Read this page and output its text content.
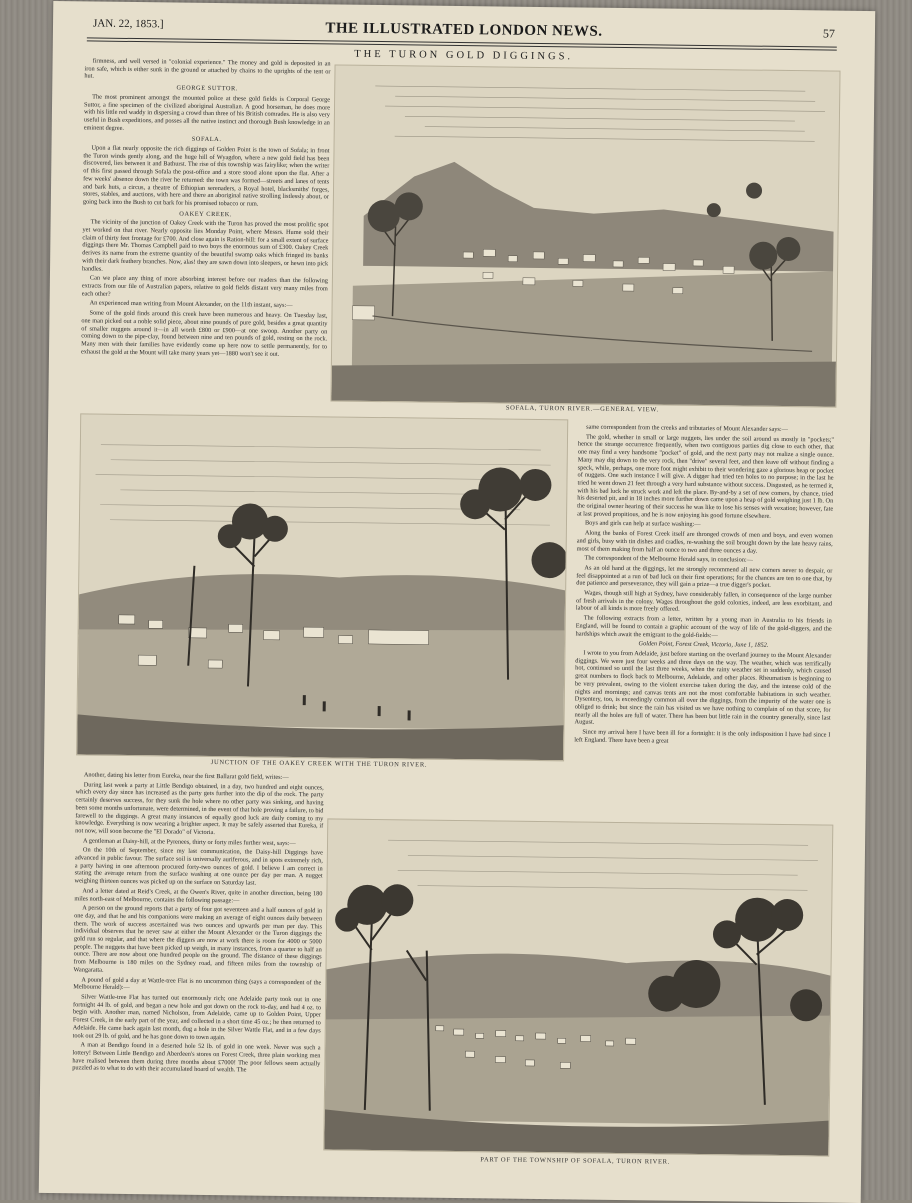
JAN. 22, 1853.]	THE ILLUSTRATED LONDON NEWS.	57
THE TURON GOLD DIGGINGS.

firmness, and well versed in "colonial experience." The money and gold is deposited in an iron safe, which is either sunk in the ground or attached by chains to the uprights of the tent or hut.

GEORGE SUTTOR.

The most prominent amongst the mounted police at these gold fields is Corporal George Suttor, a fine specimen of the civilized aboriginal Australian. A good horseman, he does more with his little red waddy in dispersing a crowd than three of his British comrades. He is also very useful in Bush expeditions, and posses all the native instinct and thorough Bush knowledge in an eminent degree.

SOFALA.

Upon a flat nearly opposite the rich diggings of Golden Point is the town of Sofala; in front the Turon winds gently along, and the huge hill of Wyagdon, where a new gold field has been discovered, lies between it and Bathurst. The rise of this township was fairylike; when the writer of this first passed through Sofala the post-office and a store stood alone upon the flat. After a few weeks' absence down the river he returned: the town was formed—streets and lanes of tents and bark huts, a circus, a theatre of Ethiopian serenaders, a Royal hotel, blacksmiths' forges, stores, stables, and auctions, with here and there an aboriginal native strolling listlessly about, or going back into the Bush to cut bark for his promised tobacco or rum.

OAKEY CREEK.

The vicinity of the junction of Oakey Creek with the Turon has proved the most prolific spot yet worked on that river. Nearly opposite lies Monday Point, where Messrs. Hume sold their claim of thirty feet frontage for £700. And close again is Ration-hill: for a small extent of surface diggings there Mr. Thomas Campbell paid to two boys the enormous sum of £300. Oakey Creek derives its name from the extreme quantity of the beautiful swamp oaks which fringed its banks with their dark feathery branches. Now, alas! they are sawn down into sleepers, or hewn into pick handles.

Can we place any thing of more absorbing interest before our readers than the following extracts from our file of Australian papers, relative to gold fields distant very many miles from each other?

An experienced man writing from Mount Alexander, on the 11th instant, says:—

Some of the gold finds around this creek have been numerous and heavy. On Tuesday last, one man picked out a noble solid piece, about nine pounds of pure gold, besides a great quantity of smaller nuggets around it—in all worth £800 or £900—at one swoop. Another party on coming down to the pipe-clay, found between nine and ten pounds of gold, resting on the rock. Many men with their families have evidently come up here now to settle permanently, for to exhaust the gold at the Mount will take many years yet—1880 won't see it out.

SOFALA, TURON RIVER.—GENERAL VIEW.
JUNCTION OF THE OAKEY CREEK WITH THE TURON RIVER.

same correspondent from the creeks and tributaries of Mount Alexander says:—

The gold, whether in small or large nuggets, lies under the soil around us mostly in "pockets;" hence the strange occurrence frequently, when two contiguous parties dig close to each other, that one may find a very handsome "pocket" of gold, and the next party may not realize a single ounce. Many may dig down to the very rock, then "drive" several feet, and then leave off without finding a speck, while, perhaps, one more foot might exhibit to their wondering gaze a glorious heap or pocket of nuggets. One such instance I will give. A digger had tried ten holes to no purpose; in the last he tried he went down 21 feet through a very hard substance without success. Disgusted, as he termed it, with his bad luck he struck work and left the place. By-and-by a set of new comers, by chance, tried his deserted pit, and in 18 inches more further down came upon a heap of gold weighing just 1 lb. On the original owner hearing of their success he was like to lose his senses with vexation; however, fate at last proved propitious, and he is now enjoying his good fortune elsewhere.

Boys and girls can help at surface washing:—

Along the banks of Forest Creek itself are thronged crowds of men and boys, and even women and girls, busy with tin dishes and cradles, re-washing the soil brought down by the late heavy rains, most of them making from half an ounce to two and three ounces a day.

The correspondent of the Melbourne Herald says, in conclusion:—

As an old hand at the diggings, let me strongly recommend all new comers never to despair, or feel disappointed at a run of bad luck on their first operations; for the chances are ten to one that, by due patience and perseverance, they will gain a prize—a true digger's pocket.

Wages, though still high at Sydney, have considerably fallen, in consequence of the large number of fresh arrivals in the colony. Wages throughout the gold colonies, indeed, are less exorbitant, and labour of all kinds is more freely offered.

The following extracts from a letter, written by a young man in Australia to his friends in England, will be found to contain a graphic account of the way of life of the gold-diggers, and the hardships which await the emigrant to the gold-fields:—

Golden Point, Forest Creek, Victoria, June 1, 1852.

I wrote to you from Adelaide, just before starting on the overland journey to the Mount Alexander diggings. We were just four weeks and three days on the way. The weather, which was terrifically hot, continued so until the last three weeks, when the rainy weather set in suddenly, which caused great numbers to flock back to Melbourne, Adelaide, and other places. Rheumatism is beginning to be very prevalent, owing to the violent exercise taken during the day, and the intense cold of the nights and mornings; and canvas tents are not the most comfortable habitations in such weather. Dysentery, too, is exceedingly common all over the diggings, from the impurity of the water one is obliged to drink; but since the rain has visited us we have nothing to complain of on that score, for nearly all the holes are full of water. There has been but little rain in the country generally, since last August.

Since my arrival here I have been ill for a fortnight: it is the only indisposition I have had since I left England. There have been a great

Another, dating his letter from Eureka, near the first Ballarat gold field, writes:—

During last week a party at Little Bendigo obtained, in a day, two hundred and eight ounces, which every day since has increased as the party gets further into the dip of the rock. The party certainly deserves success, for they sunk the hole where no other party was sinking, and having been some months unfortunate, were determined, in the event of that hole proving a failure, to bid farewell to the diggings. A great many instances of equally good luck are daily coming to my knowledge. Everything is now wearing a brighter aspect. It may be safely asserted that Eureka, if not now, will soon become the "El Dorado" of Victoria.

A gentleman at Daisy-hill, at the Pyrenees, thirty or forty miles further west, says:—

On the 10th of September, since my last communication, the Daisy-hill Diggings have advanced in public favour. The surface soil is universally auriferous, and in spots extremely rich, a party having in one afternoon procured forty-two ounces of gold. I believe I am correct in stating the average return from the surface washing at one ounce per day per man. A nugget weighing thirteen ounces was picked up on the surface on Saturday last.

And a letter dated at Reid's Creek, at the Owen's River, quite in another direction, being 180 miles north-east of Melbourne, contains the following passage:—

A person on the ground reports that a party of four got seventeen and a half ounces of gold in one day, and that he and his companions were making an average of eight ounces daily between them. The work of success ascertained was two ounces and upwards per man per day. This individual observes that he never saw at either the Mount Alexander or the Turon diggings the gold run so regular, and that where the diggers are now at work there is room for 4000 or 5000 people. The nuggets that have been picked up weigh, in many instances, from a quarter to half an ounce. There are now about one hundred people on the ground. The distance of these diggings from Melbourne is 180 miles on the Sydney road, and fifteen miles from the township of Wangaratta.

A pound of gold a day at Wattle-tree Flat is no uncommon thing (says a correspondent of the Melbourne Herald):—

Silver Wattle-tree Flat has turned out enormously rich; one Adelaide party took out in one fortnight 44 lb. of gold, and began a new hole and got down on the rock to-day, and had 4 oz. to begin with. Another man, named Nicholson, from Adelaide, came up to Golden Point, Upper Forest Creek, in the early part of the year, and collected in a short time 45 oz.; he then returned to Adelaide. He came back again last month, dug a hole in the Silver Wattle Flat, and in a few days took out 29 lb. of gold, and he has gone down to town again.

A man at Bendigo found in a deserted hole 52 lb. of gold in one week. Never was such a lottery! Between Little Bendigo and Aberdeen's stores on Forest Creek, three plain working men have realised between them during three months about £7000! The poor fellows seem actually puzzled as to what to do with their accumulated hoard of wealth. The

PART OF THE TOWNSHIP OF SOFALA, TURON RIVER.
